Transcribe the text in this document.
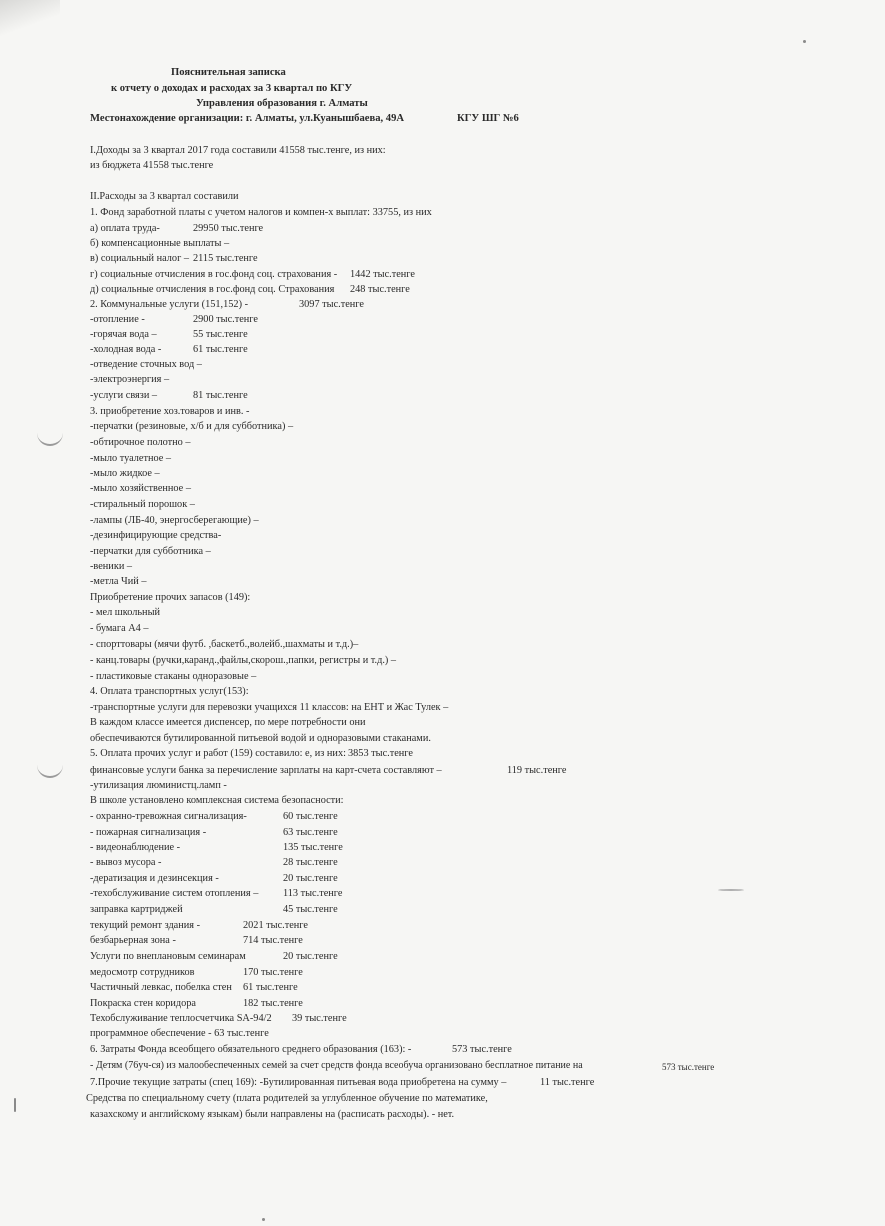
Пояснительная записка
к отчету о доходах и расходах за 3 квартал по КГУ
Управления образования г. Алматы
Местонахождение организации: г. Алматы, ул.Куанышбаева, 49А	КГУ ШГ №6
I.Доходы за 3 квартал 2017 года составили 41558 тыс.тенге, из них:
из бюджета 41558 тыс.тенге
II.Расходы за 3 квартал составили
1. Фонд заработной платы с учетом налогов и компен-х выплат: 33755, из них
а) оплата труда-	29950 тыс.тенге
б) компенсационные выплаты –
в) социальный налог – 2115 тыс.тенге
г) социальные отчисления в гос.фонд соц. страхования - 1442 тыс.тенге
д) социальные отчисления в гос.фонд соц. Страхования 248 тыс.тенге
2. Коммунальные услуги (151,152) -	3097 тыс.тенге
-отопление -	2900 тыс.тенге
-горячая вода –	55 тыс.тенге
-холодная вода -	61 тыс.тенге
-отведение сточных вод –
-электроэнергия –
-услуги связи –	81 тыс.тенге
3. приобретение хоз.товаров и инв. -
-перчатки (резиновые, х/б и для субботника) –
-обтирочное полотно –
-мыло туалетное –
-мыло жидкое –
-мыло хозяйственное –
-стиральный порошок –
-лампы (ЛБ-40, энергосберегающие) –
-дезинфицирующие средства-
-перчатки для субботника –
-веники –
-метла Чий –
Приобретение прочих запасов (149):
- мел школьный
- бумага А4 –
- спорттовары (мячи футб. ,баскетб.,волейб.,шахматы и т.д.)–
- канц.товары (ручки,каранд.,файлы,скорош.,папки, регистры и т.д.) –
- пластиковые стаканы одноразовые –
4. Оплата транспортных услуг(153):
-транспортные услуги для перевозки учащихся 11 классов: на ЕНТ и Жас Тулек –
В каждом классе имеется диспенсер, по мере потребности они
обеспечиваются бутилированной питьевой водой и одноразовыми стаканами.
5. Оплата прочих услуг и работ (159) составило: е, из них: 3853 тыс.тенге
финансовые услуги банка за перечисление зарплаты на карт-счета составляют –	119 тыс.тенге
-утилизация люминистц.ламп -
В школе установлено комплексная система безопасности:
- охранно-тревожная сигнализация-	60 тыс.тенге
- пожарная сигнализация -	63 тыс.тенге
- видеонаблюдение -	135 тыс.тенге
- вывоз мусора -	28 тыс.тенге
-дератизация и дезинсекция -	20 тыс.тенге
-техобслуживание систем отопления – 113 тыс.тенге
заправка картриджей	45 тыс.тенге
текущий ремонт здания -	2021 тыс.тенге
безбарьерная зона -	714 тыс.тенге
Услуги по внеплановым семинарам	20 тыс.тенге
медосмотр сотрудников	170 тыс.тенге
Частичный левкас, побелка стен 61 тыс.тенге
Покраска стен коридора	182 тыс.тенге
Техобслуживание теплосчетчика SA-94/2 39 тыс.тенге
программное обеспечение - 63 тыс.тенге
6. Затраты Фонда всеобщего обязательного среднего образования (163): -	573 тыс.тенге
- Детям (76уч-ся) из малообеспеченных семей за счет средств фонда всеобуча организовано бесплатное питание на	573 тыс.тенге
7.Прочие текущие затраты (спец 169): -Бутилированная питьевая вода приобретена на сумму –	11 тыс.тенге
Средства по специальному счету (плата родителей за углубленное обучение по математике,
казахскому и английскому языкам) были направлены на (расписать расходы). - нет.
